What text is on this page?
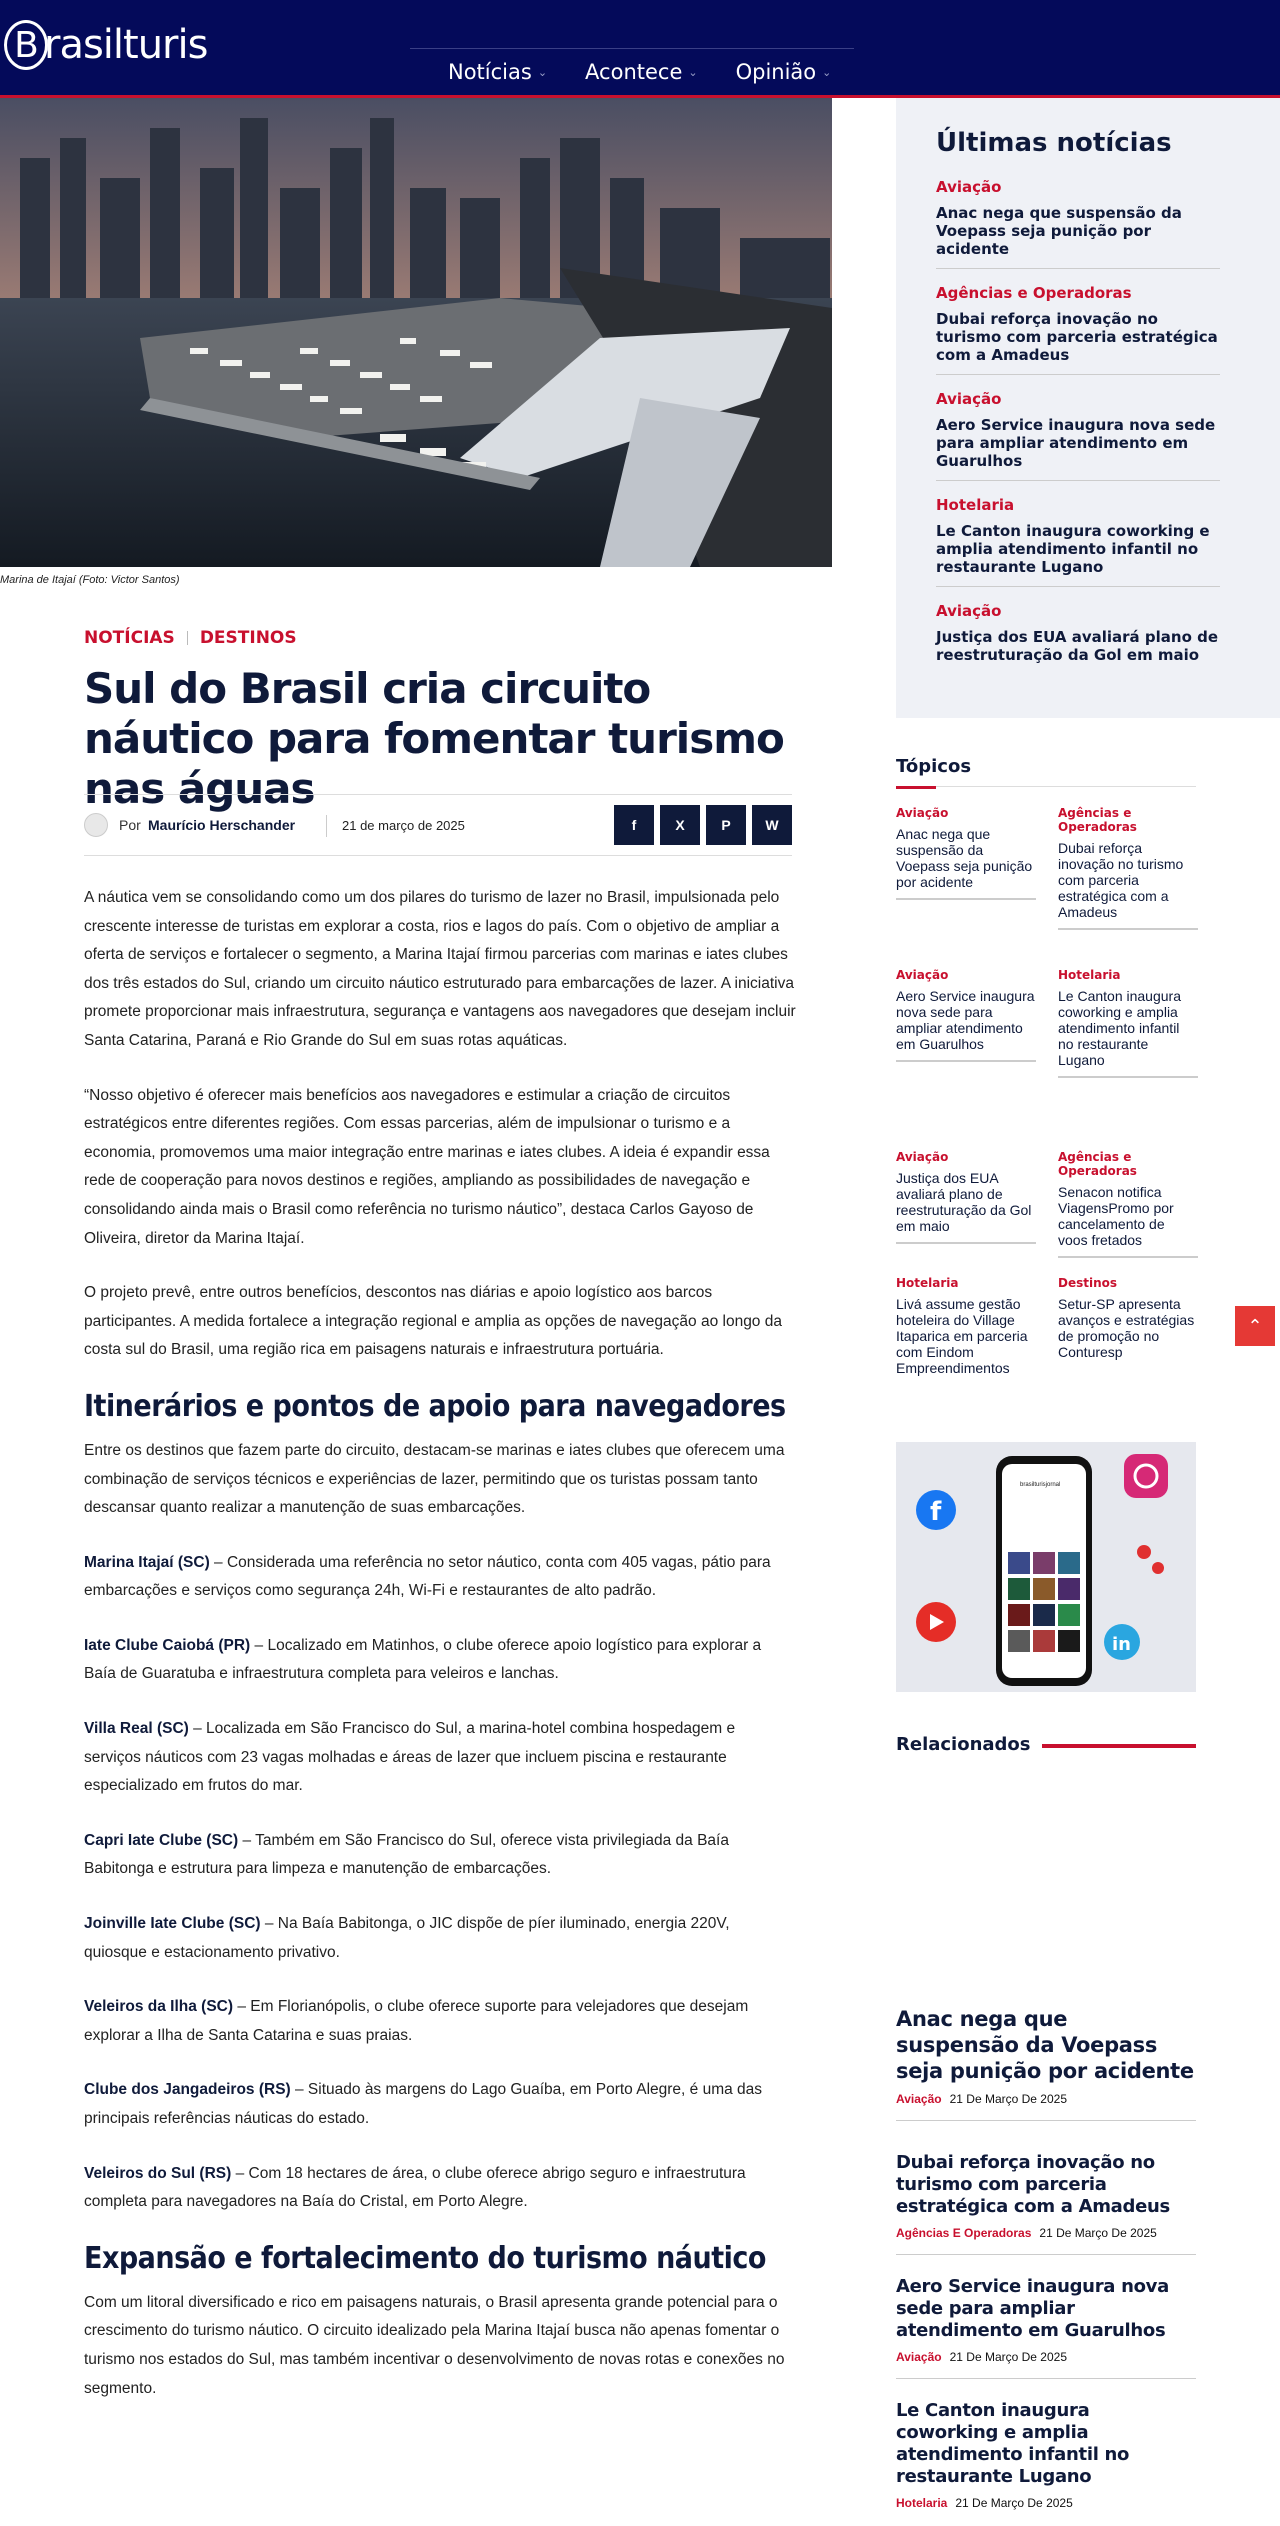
B rasilturis
Notícias ⌄ Acontece ⌄ Opinião ⌄
Marina de Itajaí (Foto: Victor Santos)
NOTÍCIAS DESTINOS
Sul do Brasil cria circuito náutico para fomentar turismo nas águas
Por Maurício Herschander	21 de março de 2025	f	X	P	W

A náutica vem se consolidando como um dos pilares do turismo de lazer no Brasil, impulsionada pelo crescente interesse de turistas em explorar a costa, rios e lagos do país. Com o objetivo de ampliar a oferta de serviços e fortalecer o segmento, a Marina Itajaí firmou parcerias com marinas e iates clubes dos três estados do Sul, criando um circuito náutico estruturado para embarcações de lazer. A iniciativa promete proporcionar mais infraestrutura, segurança e vantagens aos navegadores que desejam incluir Santa Catarina, Paraná e Rio Grande do Sul em suas rotas aquáticas.

“Nosso objetivo é oferecer mais benefícios aos navegadores e estimular a criação de circuitos estratégicos entre diferentes regiões. Com essas parcerias, além de impulsionar o turismo e a economia, promovemos uma maior integração entre marinas e iates clubes. A ideia é expandir essa rede de cooperação para novos destinos e regiões, ampliando as possibilidades de navegação e consolidando ainda mais o Brasil como referência no turismo náutico”, destaca Carlos Gayoso de Oliveira, diretor da Marina Itajaí.

O projeto prevê, entre outros benefícios, descontos nas diárias e apoio logístico aos barcos participantes. A medida fortalece a integração regional e amplia as opções de navegação ao longo da costa sul do Brasil, uma região rica em paisagens naturais e infraestrutura portuária.

Itinerários e pontos de apoio para navegadores

Entre os destinos que fazem parte do circuito, destacam-se marinas e iates clubes que oferecem uma combinação de serviços técnicos e experiências de lazer, permitindo que os turistas possam tanto descansar quanto realizar a manutenção de suas embarcações.

Marina Itajaí (SC) – Considerada uma referência no setor náutico, conta com 405 vagas, pátio para embarcações e serviços como segurança 24h, Wi-Fi e restaurantes de alto padrão.

Iate Clube Caiobá (PR) – Localizado em Matinhos, o clube oferece apoio logístico para explorar a Baía de Guaratuba e infraestrutura completa para veleiros e lanchas.

Villa Real (SC) – Localizada em São Francisco do Sul, a marina-hotel combina hospedagem e serviços náuticos com 23 vagas molhadas e áreas de lazer que incluem piscina e restaurante especializado em frutos do mar.

Capri Iate Clube (SC) – Também em São Francisco do Sul, oferece vista privilegiada da Baía Babitonga e estrutura para limpeza e manutenção de embarcações.

Joinville Iate Clube (SC) – Na Baía Babitonga, o JIC dispõe de píer iluminado, energia 220V, quiosque e estacionamento privativo.

Veleiros da Ilha (SC) – Em Florianópolis, o clube oferece suporte para velejadores que desejam explorar a Ilha de Santa Catarina e suas praias.

Clube dos Jangadeiros (RS) – Situado às margens do Lago Guaíba, em Porto Alegre, é uma das principais referências náuticas do estado.

Veleiros do Sul (RS) – Com 18 hectares de área, o clube oferece abrigo seguro e infraestrutura completa para navegadores na Baía do Cristal, em Porto Alegre.

Expansão e fortalecimento do turismo náutico

Com um litoral diversificado e rico em paisagens naturais, o Brasil apresenta grande potencial para o crescimento do turismo náutico. O circuito idealizado pela Marina Itajaí busca não apenas fomentar o turismo nos estados do Sul, mas também incentivar o desenvolvimento de novas rotas e conexões no segmento.

Últimas notícias
Aviação
Anac nega que suspensão da Voepass seja punição por acidente
Agências e Operadoras
Dubai reforça inovação no turismo com parceria estratégica com a Amadeus
Aviação
Aero Service inaugura nova sede para ampliar atendimento em Guarulhos
Hotelaria
Le Canton inaugura coworking e amplia atendimento infantil no restaurante Lugano
Aviação
Justiça dos EUA avaliará plano de reestruturação da Gol em maio
Tópicos
Aviação
Anac nega que suspensão da Voepass seja punição por acidente
Agências e Operadoras
Dubai reforça inovação no turismo com parceria estratégica com a Amadeus
Aviação
Aero Service inaugura nova sede para ampliar atendimento em Guarulhos
Hotelaria
Le Canton inaugura coworking e amplia atendimento infantil no restaurante Lugano
Aviação
Justiça dos EUA avaliará plano de reestruturação da Gol em maio
Agências e Operadoras
Senacon notifica ViagensPromo por cancelamento de voos fretados
Hotelaria
Livá assume gestão hoteleira do Village Itaparica em parceria com Eindom Empreendimentos
Destinos
Setur-SP apresenta avanços e estratégias de promoção no Conturesp
⌃
f
in
brasilturisjornal
Relacionados
Anac nega que suspensão da Voepass seja punição por acidente
Aviação 21 De Março De 2025
Dubai reforça inovação no turismo com parceria estratégica com a Amadeus
Agências E Operadoras 21 De Março De 2025
Aero Service inaugura nova sede para ampliar atendimento em Guarulhos
Aviação 21 De Março De 2025
Le Canton inaugura coworking e amplia atendimento infantil no restaurante Lugano
Hotelaria 21 De Março De 2025
